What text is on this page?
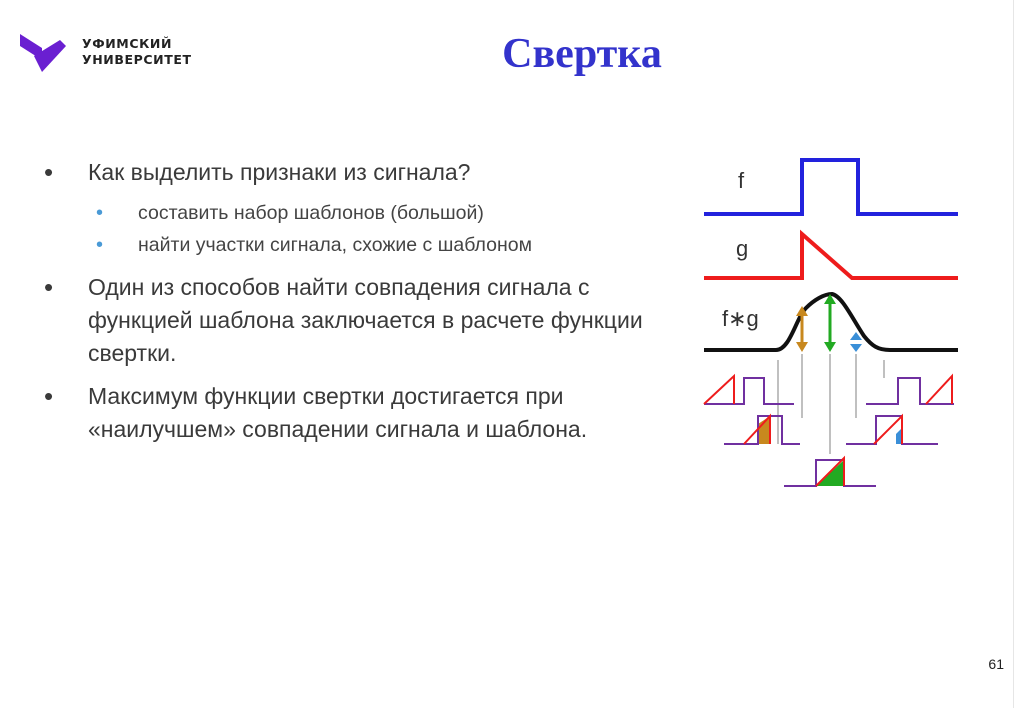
УФИМСКИЙ
УНИВЕРСИТЕТ	Свертка
• Как выделить признаки из сигнала?
• составить набор шаблонов (большой)
• найти участки сигнала, схожие с шаблоном
• Один из способов найти совпадения сигнала с функцией шаблона заключается в расчете функции свертки.
• Максимум функции свертки достигается при «наилучшем» совпадении сигнала и шаблона.
f
g
f∗g
61
